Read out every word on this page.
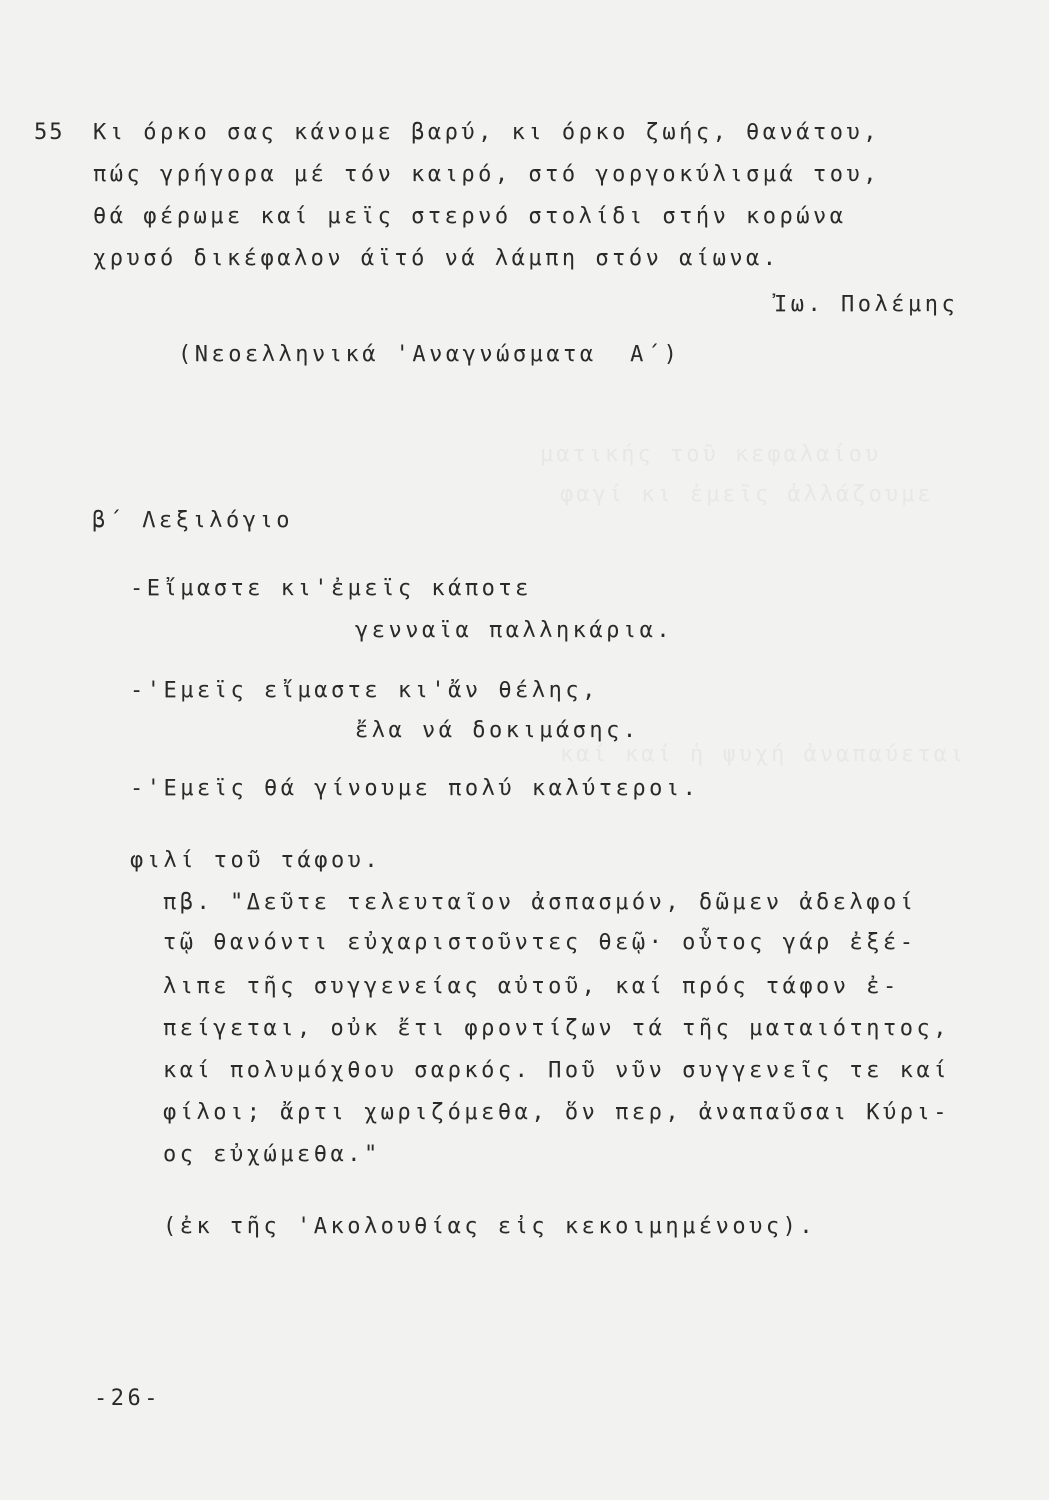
ματικής τοῦ κεφαλαίου
φαγί κι ἐμεῖς ἀλλάζουμε
καί καί ἡ ψυχή ἀναπαύεται
55 Κι όρκο σας κάνομε βαρύ, κι όρκο ζωής, θανάτου,
πώς γρήγορα μέ τόν καιρό, στό γοργοκύλισμά του,
θά φέρωμε καί μεϊς στερνό στολίδι στήν κορώνα
χρυσό δικέφαλον άϊτό νά λάμπη στόν αίωνα.
Ἰω. Πολέμης
(Νεοελληνικά 'Αναγνώσματα  Α΄)
β΄ Λεξιλόγιο
-Εἴμαστε κι'ἐμεϊς κάποτε
γενναϊα παλληκάρια.
-'Εμεϊς εἴμαστε κι'ἄν θέλης,
ἔλα νά δοκιμάσης.
-'Εμεϊς θά γίνουμε πολύ καλύτεροι.
φιλί τοῦ τάφου.
πβ. "Δεῦτε τελευταῖον ἀσπασμόν, δῶμεν ἀδελφοί
τῷ θανόντι εὐχαριστοῦντες θεῷ· οὗτος γάρ ἐξέ-
λιπε τῆς συγγενείας αὐτοῦ, καί πρός τάφον ἐ-
πείγεται, οὐκ ἔτι φροντίζων τά τῆς ματαιότητος,
καί πολυμόχθου σαρκός. Ποῦ νῦν συγγενεῖς τε καί
φίλοι; ἄρτι χωριζόμεθα, ὅν περ, ἀναπαῦσαι Κύρι-
ος εὐχώμεθα."
(ἐκ τῆς 'Ακολουθίας εἰς κεκοιμημένους).
-26-
